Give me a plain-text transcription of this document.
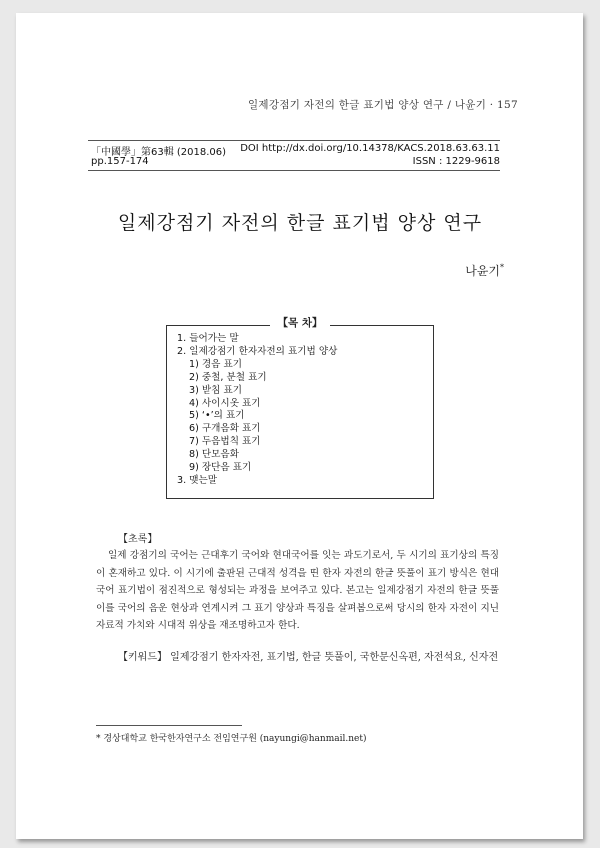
일제강점기 자전의 한글 표기법 양상 연구 / 나윤기 · 157
「中國學」第63輯 (2018.06) DOI http://dx.doi.org/10.14378/KACS.2018.63.63.11
pp.157-174	ISSN : 1229-9618
일제강점기 자전의 한글 표기법 양상 연구
나윤기*
【목 차】
1. 들어가는 말
2. 일제강점기 한자자전의 표기법 양상
1) 경음 표기
2) 중철, 분철 표기
3) 받침 표기
4) 사이시옷 표기
5) ‘•’의 표기
6) 구개음화 표기
7) 두음법칙 표기
8) 단모음화
9) 장단음 표기
3. 맺는말
【초록】

일제 강점기의 국어는 근대후기 국어와 현대국어를 잇는 과도기로서, 두 시기의 표기상의 특징이 혼재하고 있다. 이 시기에 출판된 근대적 성격을 띤 한자 자전의 한글 뜻풀이 표기 방식은 현대국어 표기법이 점진적으로 형성되는 과정을 보여주고 있다. 본고는 일제강점기 자전의 한글 뜻풀이를 국어의 음운 현상과 연계시켜 그 표기 양상과 특징을 살펴봄으로써 당시의 한자 자전이 지닌 자료적 가치와 시대적 위상을 재조명하고자 한다.

【키워드】 일제강점기 한자자전, 표기법, 한글 뜻풀이, 국한문신옥편, 자전석요, 신자전
* 경상대학교 한국한자연구소 전임연구원 (nayungi@hanmail.net)
